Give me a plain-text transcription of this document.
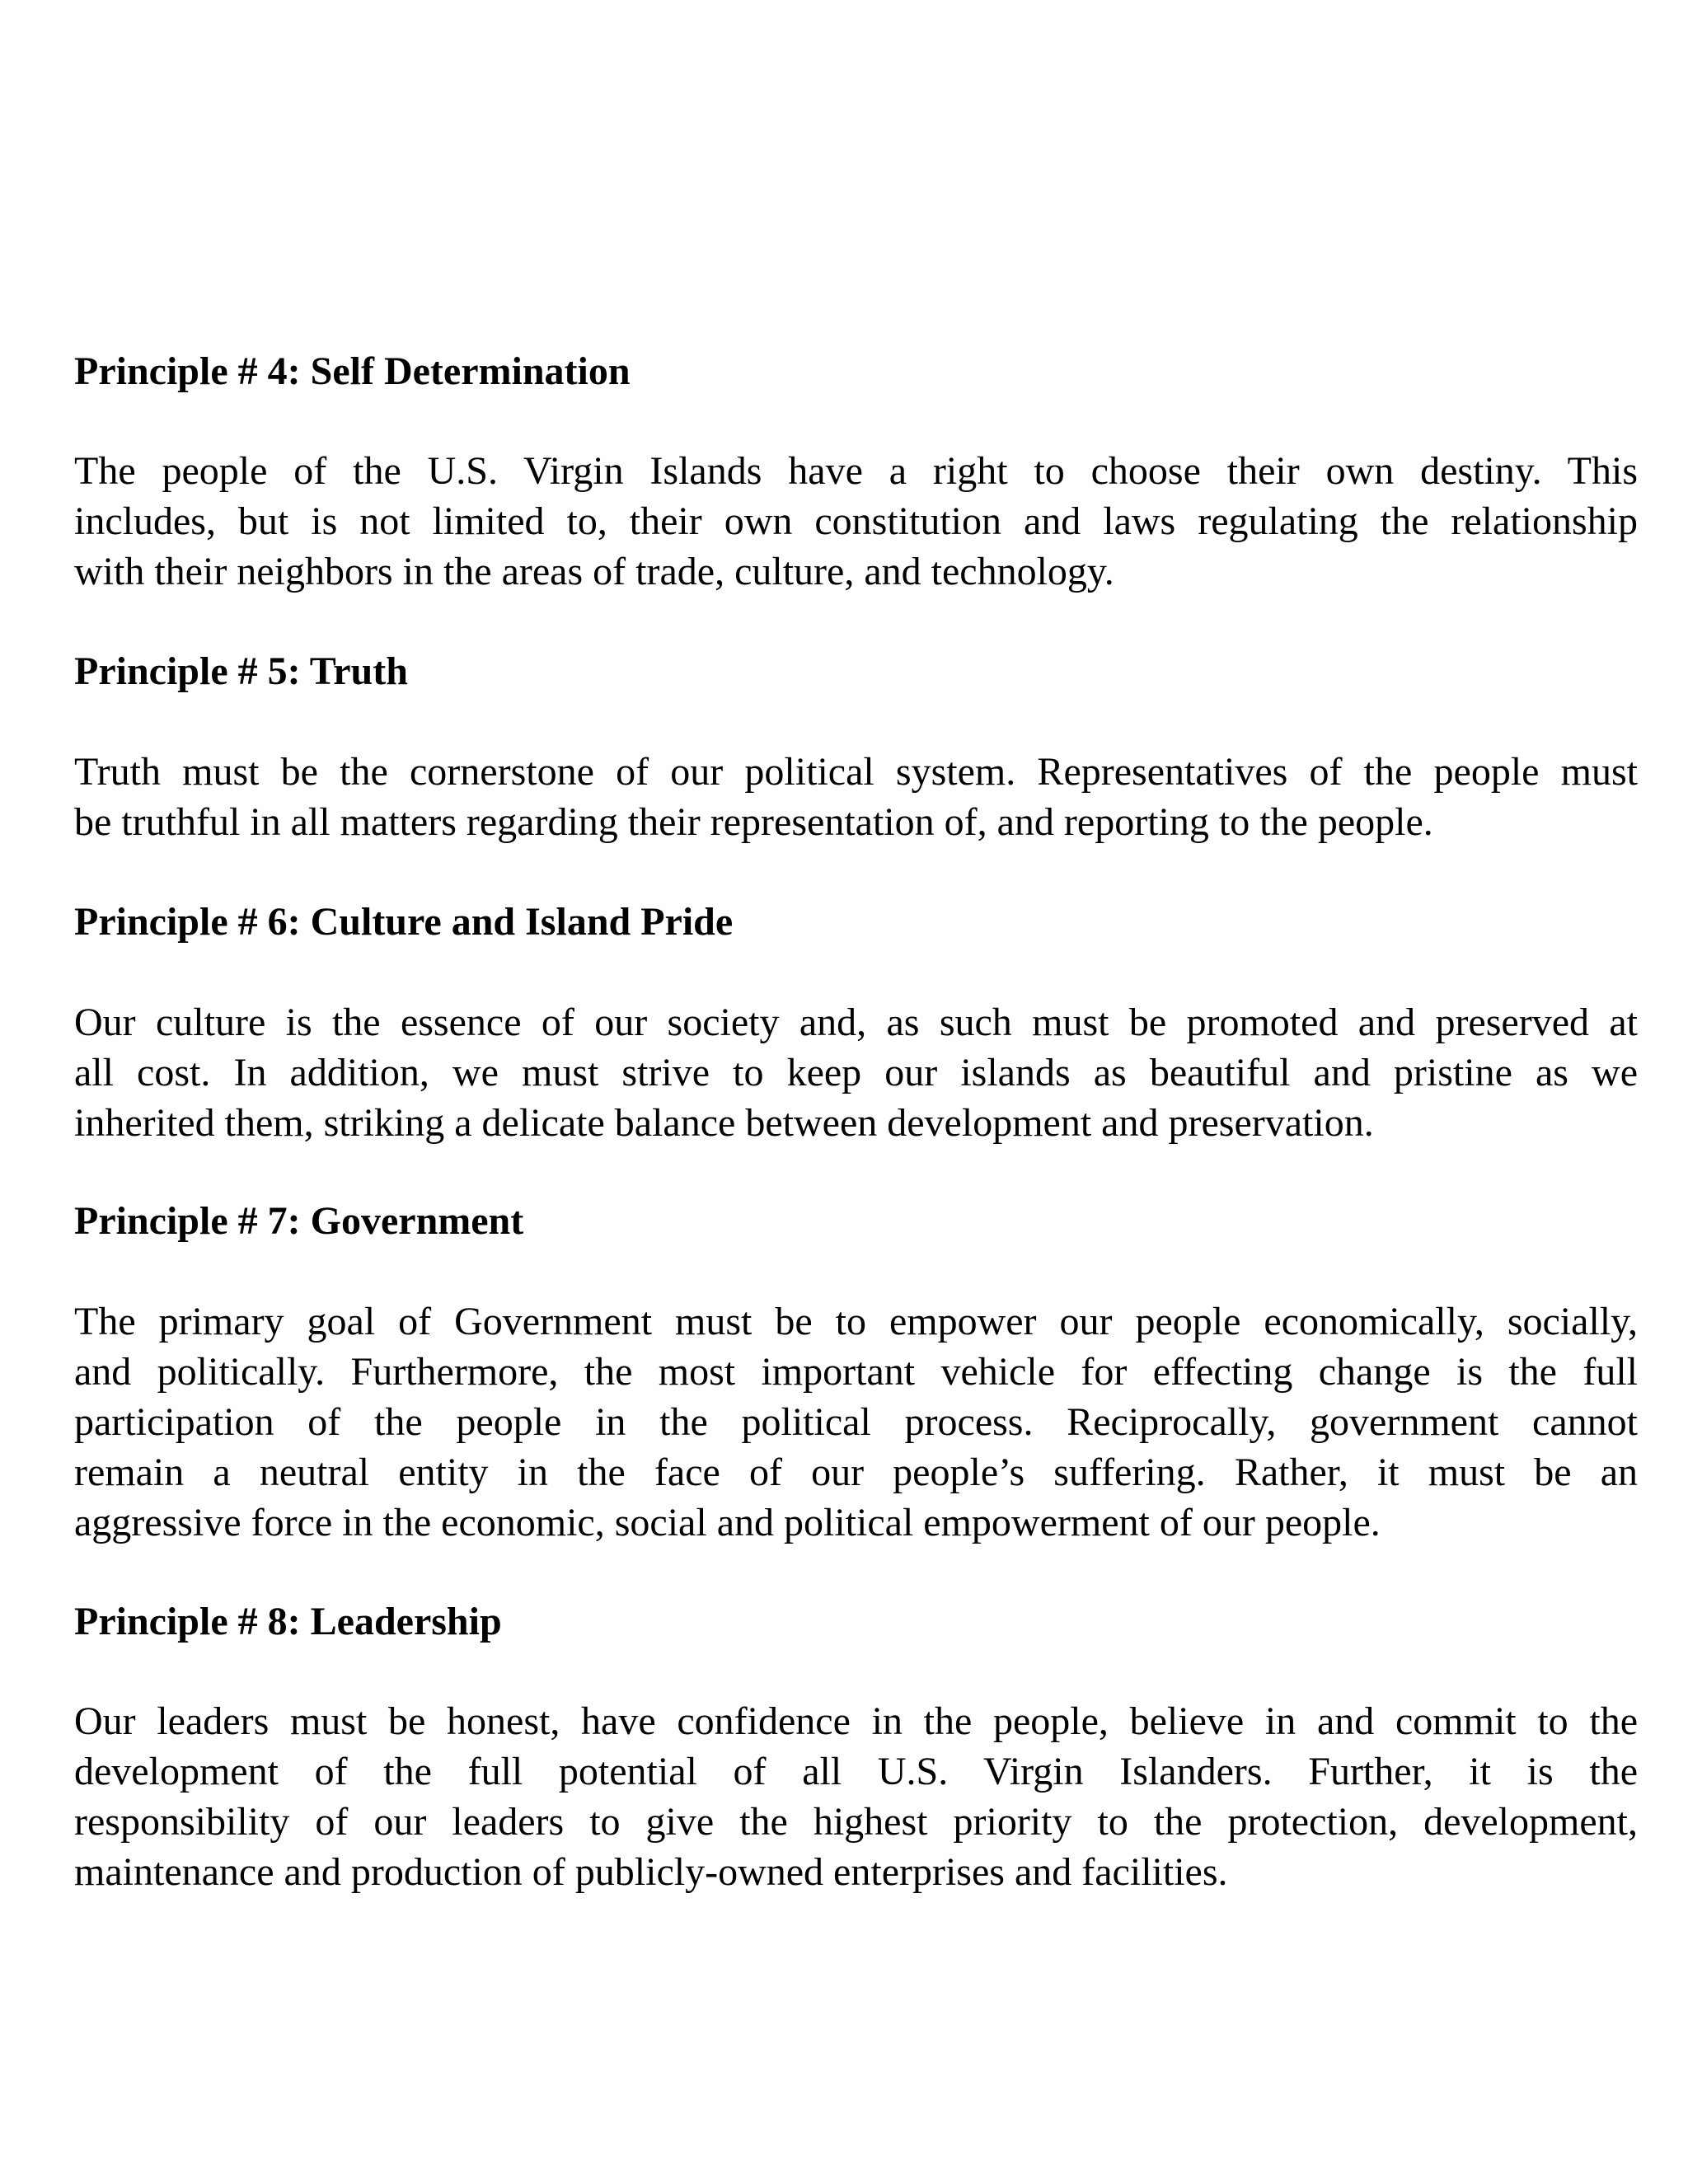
Principle # 4: Self Determination
The people of the U.S. Virgin Islands have a right to choose their own destiny. This
includes, but is not limited to, their own constitution and laws regulating the relationship
with their neighbors in the areas of trade, culture, and technology.
Principle # 5: Truth
Truth must be the cornerstone of our political system. Representatives of the people must
be truthful in all matters regarding their representation of, and reporting to the people.
Principle # 6: Culture and Island Pride
Our culture is the essence of our society and, as such must be promoted and preserved at
all cost. In addition, we must strive to keep our islands as beautiful and pristine as we
inherited them, striking a delicate balance between development and preservation.
Principle # 7: Government
The primary goal of Government must be to empower our people economically, socially,
and politically. Furthermore, the most important vehicle for effecting change is the full
participation of the people in the political process. Reciprocally, government cannot
remain a neutral entity in the face of our people’s suffering. Rather, it must be an
aggressive force in the economic, social and political empowerment of our people.
Principle # 8: Leadership
Our leaders must be honest, have confidence in the people, believe in and commit to the
development of the full potential of all U.S. Virgin Islanders. Further, it is the
responsibility of our leaders to give the highest priority to the protection, development,
maintenance and production of publicly-owned enterprises and facilities.
